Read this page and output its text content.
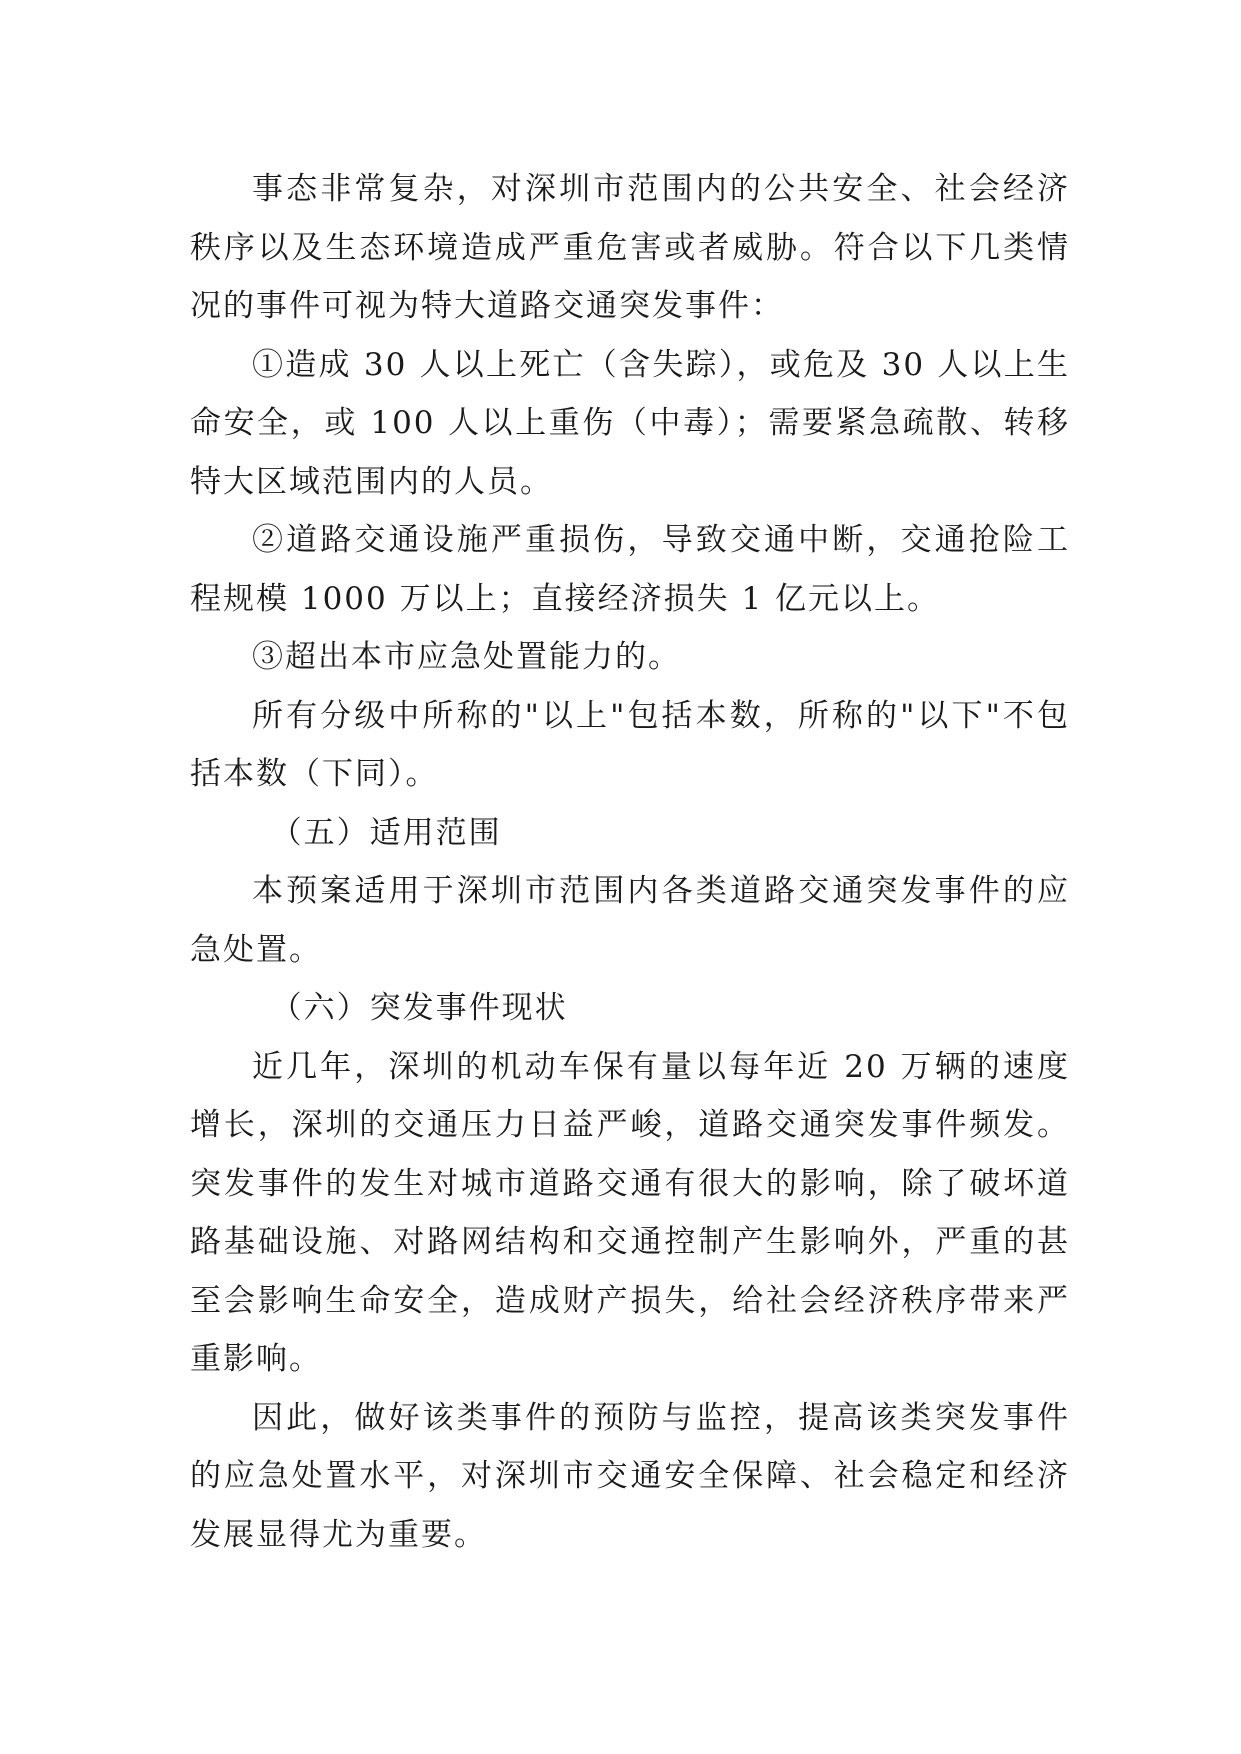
事态非常复杂，对深圳市范围内的公共安全、社会经济秩序以及生态环境造成严重危害或者威胁。符合以下几类情况的事件可视为特大道路交通突发事件：

①造成 30 人以上死亡（含失踪），或危及 30 人以上生命安全，或 100 人以上重伤（中毒）；需要紧急疏散、转移特大区域范围内的人员。

②道路交通设施严重损伤，导致交通中断，交通抢险工程规模 1000 万以上；直接经济损失 1 亿元以上。

③超出本市应急处置能力的。

所有分级中所称的"以上"包括本数，所称的"以下"不包括本数（下同）。

（五）适用范围

本预案适用于深圳市范围内各类道路交通突发事件的应急处置。

（六）突发事件现状

近几年，深圳的机动车保有量以每年近 20 万辆的速度增长，深圳的交通压力日益严峻，道路交通突发事件频发。突发事件的发生对城市道路交通有很大的影响，除了破坏道路基础设施、对路网结构和交通控制产生影响外，严重的甚至会影响生命安全，造成财产损失，给社会经济秩序带来严重影响。

因此，做好该类事件的预防与监控，提高该类突发事件的应急处置水平，对深圳市交通安全保障、社会稳定和经济发展显得尤为重要。
